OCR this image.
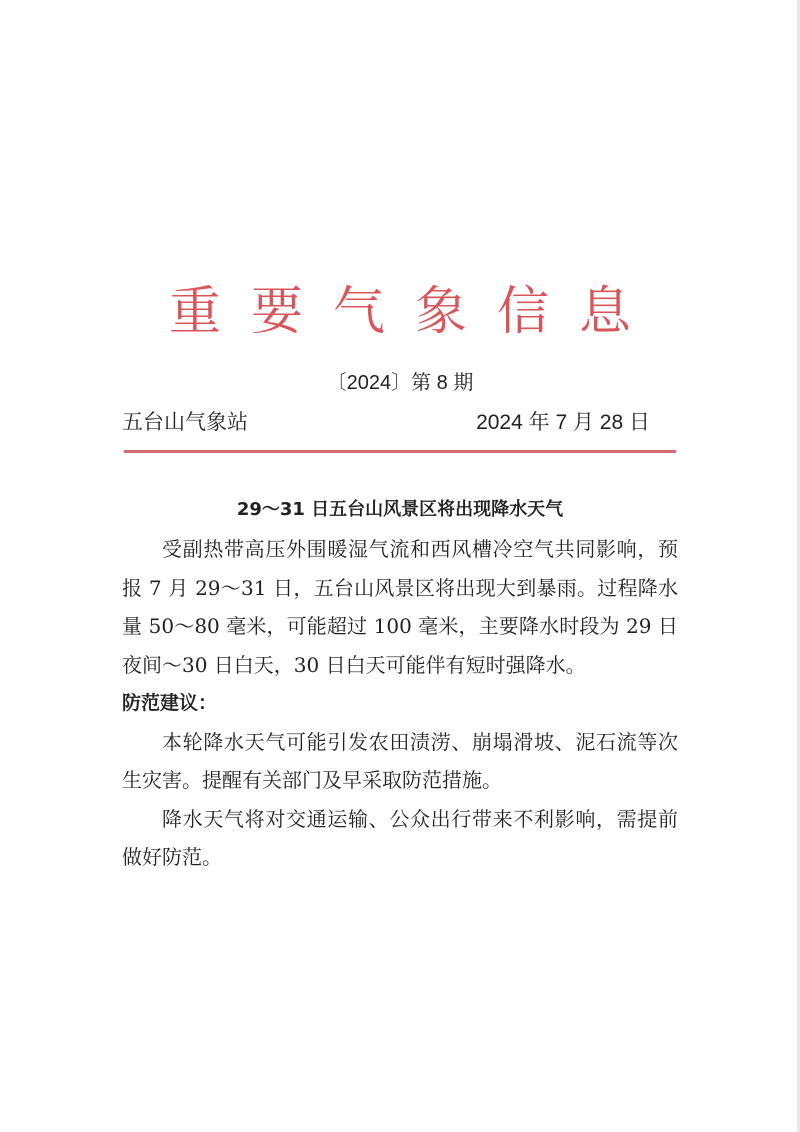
重要气象信息
〔2024〕第 8 期
五台山气象站	2024 年 7 月 28 日
29～31 日五台山风景区将出现降水天气

受副热带高压外围暖湿气流和西风槽冷空气共同影响，预报 7 月 29～31 日，五台山风景区将出现大到暴雨。过程降水量 50～80 毫米，可能超过 100 毫米，主要降水时段为 29 日夜间～30 日白天，30 日白天可能伴有短时强降水。

防范建议：

本轮降水天气可能引发农田渍涝、崩塌滑坡、泥石流等次生灾害。提醒有关部门及早采取防范措施。

降水天气将对交通运输、公众出行带来不利影响，需提前做好防范。
